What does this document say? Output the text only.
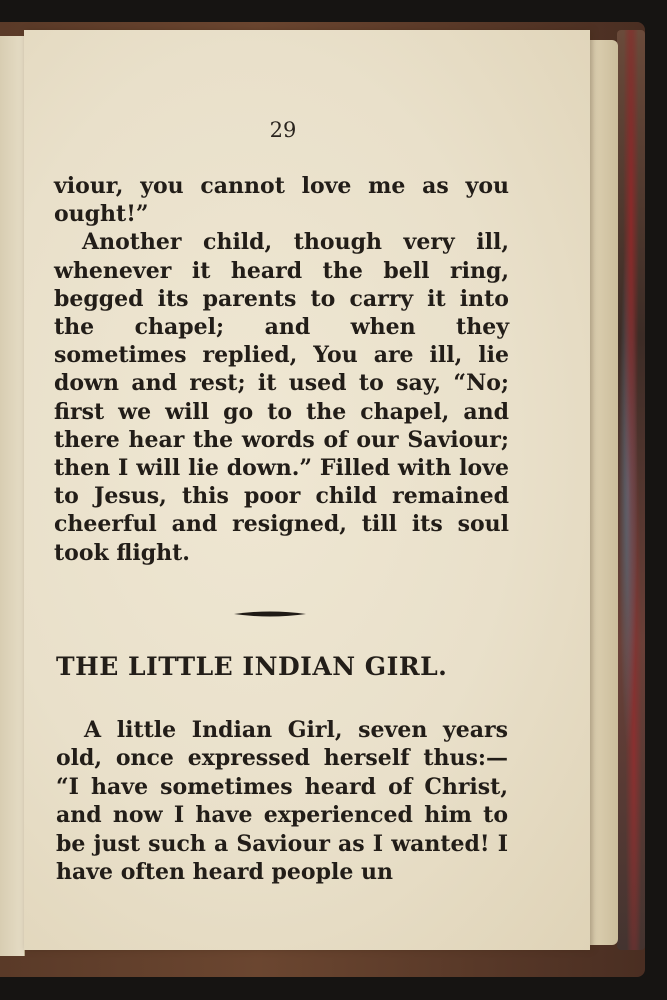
29

viour, you cannot love me as you ought!”

Another child, though very ill, whenever it heard the bell ring, begged its parents to carry it into the chapel; and when they sometimes replied, You are ill, lie down and rest; it used to say, “No; first we will go to the chapel, and there hear the words of our Saviour; then I will lie down.” Filled with love to Jesus, this poor child remained cheerful and resigned, till its soul took flight.

THE LITTLE INDIAN GIRL.

A little Indian Girl, seven years old, once expressed herself thus:— “I have sometimes heard of Christ, and now I have experienced him to be just such a Saviour as I wanted! I have often heard people un
